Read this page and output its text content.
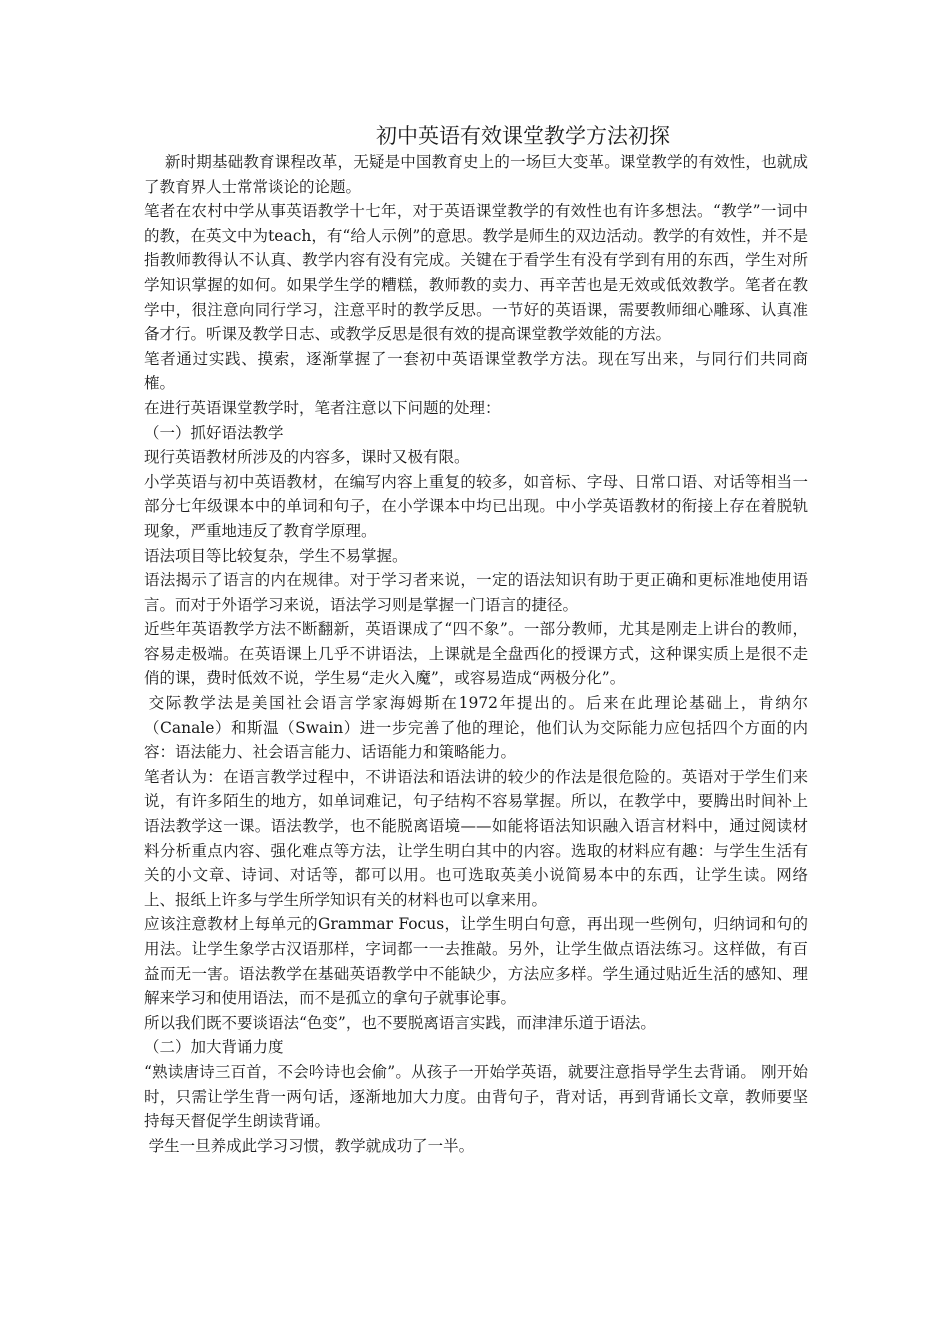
初中英语有效课堂教学方法初探

新时期基础教育课程改革，无疑是中国教育史上的一场巨大变革。课堂教学的有效性，也就成了教育界人士常常谈论的论题。

笔者在农村中学从事英语教学十七年，对于英语课堂教学的有效性也有许多想法。“教学”一词中的教，在英文中为teach，有“给人示例”的意思。教学是师生的双边活动。教学的有效性，并不是指教师教得认不认真、教学内容有没有完成。关键在于看学生有没有学到有用的东西，学生对所学知识掌握的如何。如果学生学的糟糕，教师教的卖力、再辛苦也是无效或低效教学。笔者在教学中，很注意向同行学习，注意平时的教学反思。一节好的英语课，需要教师细心雕琢、认真准备才行。听课及教学日志、或教学反思是很有效的提高课堂教学效能的方法。

笔者通过实践、摸索，逐渐掌握了一套初中英语课堂教学方法。现在写出来，与同行们共同商榷。

在进行英语课堂教学时，笔者注意以下问题的处理：

（一）抓好语法教学

现行英语教材所涉及的内容多，课时又极有限。

小学英语与初中英语教材，在编写内容上重复的较多，如音标、字母、日常口语、对话等相当一部分七年级课本中的单词和句子，在小学课本中均已出现。中小学英语教材的衔接上存在着脱轨现象，严重地违反了教育学原理。

语法项目等比较复杂，学生不易掌握。

语法揭示了语言的内在规律。对于学习者来说，一定的语法知识有助于更正确和更标准地使用语言。而对于外语学习来说，语法学习则是掌握一门语言的捷径。

近些年英语教学方法不断翻新，英语课成了“四不象”。一部分教师，尤其是刚走上讲台的教师，容易走极端。在英语课上几乎不讲语法，上课就是全盘西化的授课方式，这种课实质上是很不走俏的课，费时低效不说，学生易“走火入魔”，或容易造成“两极分化”。

交际教学法是美国社会语言学家海姆斯在1972年提出的。后来在此理论基础上，肯纳尔（Canale）和斯温（Swain）进一步完善了他的理论，他们认为交际能力应包括四个方面的内容：语法能力、社会语言能力、话语能力和策略能力。

笔者认为：在语言教学过程中，不讲语法和语法讲的较少的作法是很危险的。英语对于学生们来说，有许多陌生的地方，如单词难记，句子结构不容易掌握。所以，在教学中，要腾出时间补上语法教学这一课。语法教学，也不能脱离语境——如能将语法知识融入语言材料中，通过阅读材料分析重点内容、强化难点等方法，让学生明白其中的内容。选取的材料应有趣：与学生生活有关的小文章、诗词、对话等，都可以用。也可选取英美小说简易本中的东西，让学生读。网络上、报纸上许多与学生所学知识有关的材料也可以拿来用。

应该注意教材上每单元的Grammar Focus，让学生明白句意，再出现一些例句，归纳词和句的用法。让学生象学古汉语那样，字词都一一去推敲。另外，让学生做点语法练习。这样做，有百益而无一害。语法教学在基础英语教学中不能缺少，方法应多样。学生通过贴近生活的感知、理解来学习和使用语法，而不是孤立的拿句子就事论事。

所以我们既不要谈语法“色变”，也不要脱离语言实践，而津津乐道于语法。

（二）加大背诵力度

“熟读唐诗三百首，不会吟诗也会偷”。从孩子一开始学英语，就要注意指导学生去背诵。 刚开始时，只需让学生背一两句话，逐渐地加大力度。由背句子，背对话，再到背诵长文章，教师要坚持每天督促学生朗读背诵。

学生一旦养成此学习习惯，教学就成功了一半。
